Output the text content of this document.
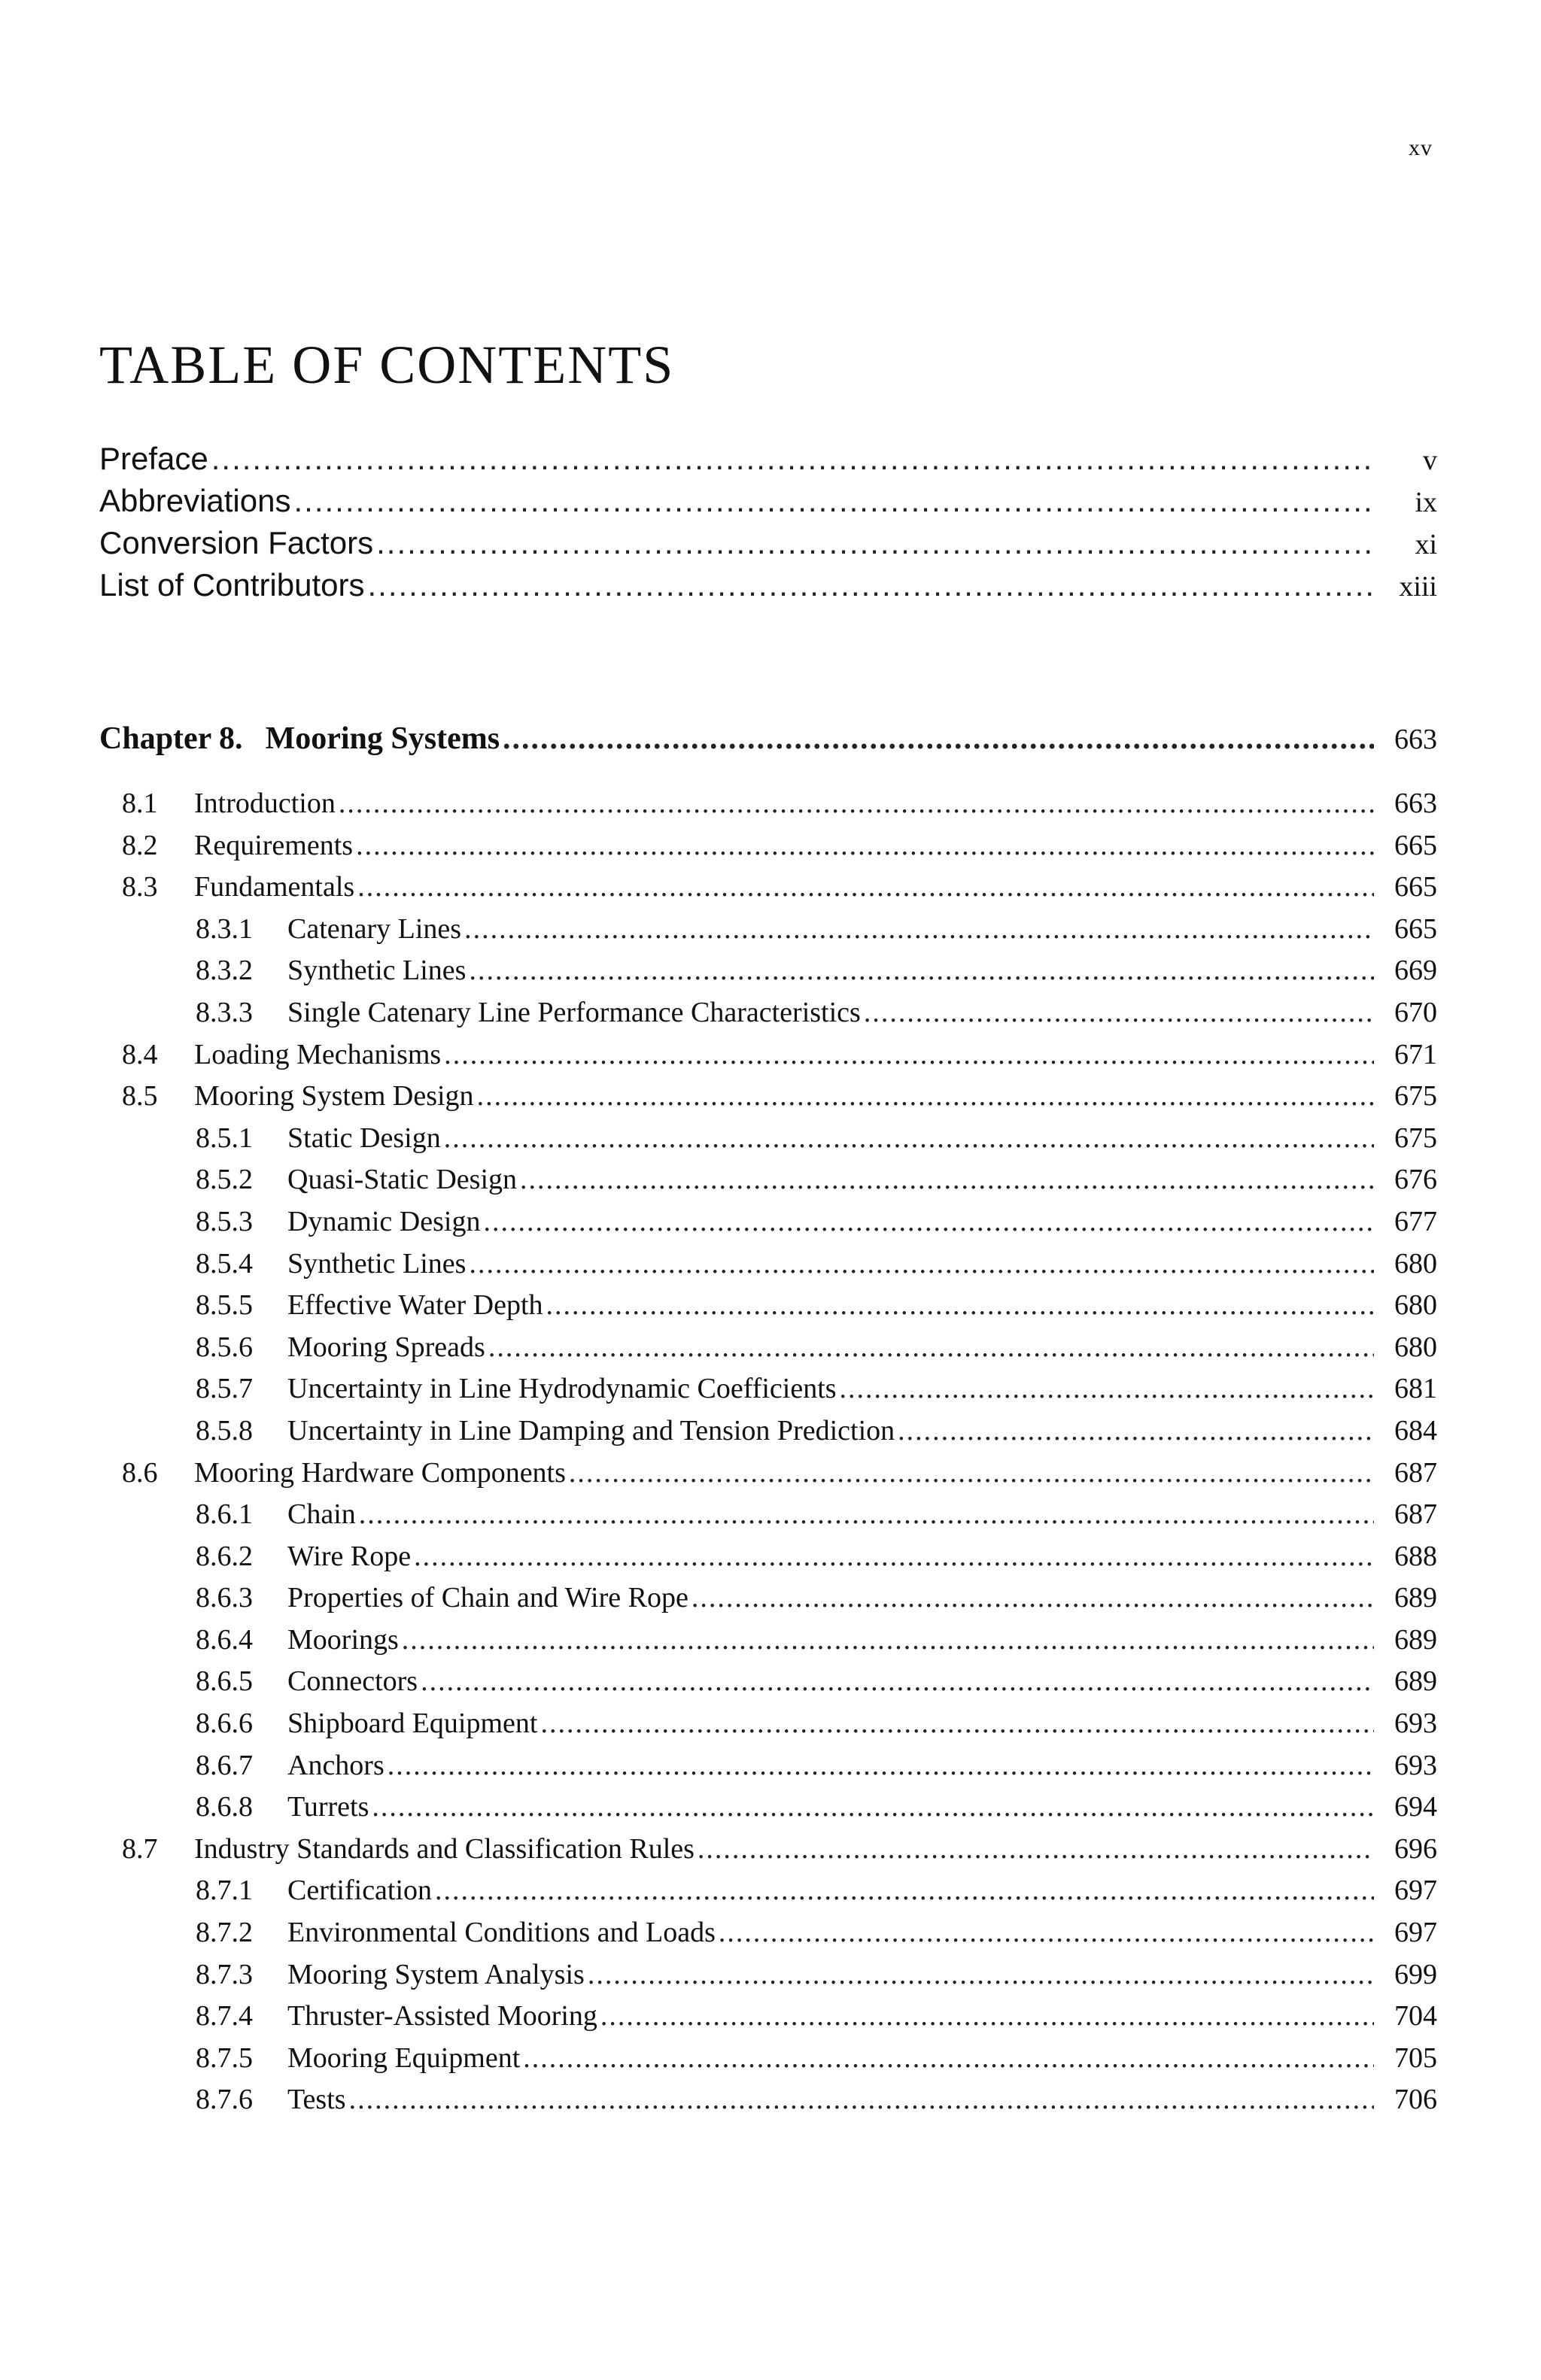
xv
TABLE OF CONTENTS
Preface .....	v
Abbreviations .....	ix
Conversion Factors .....	xi
List of Contributors .....	xiii
Chapter 8. Mooring Systems .....	663
8.1	Introduction .....	663
8.2	Requirements .....	665
8.3	Fundamentals .....	665
8.3.1	Catenary Lines .....	665
8.3.2	Synthetic Lines .....	669
8.3.3	Single Catenary Line Performance Characteristics .....	670
8.4	Loading Mechanisms .....	671
8.5	Mooring System Design .....	675
8.5.1	Static Design .....	675
8.5.2	Quasi-Static Design .....	676
8.5.3	Dynamic Design .....	677
8.5.4	Synthetic Lines .....	680
8.5.5	Effective Water Depth .....	680
8.5.6	Mooring Spreads .....	680
8.5.7	Uncertainty in Line Hydrodynamic Coefficients .....	681
8.5.8	Uncertainty in Line Damping and Tension Prediction .....	684
8.6	Mooring Hardware Components .....	687
8.6.1	Chain .....	687
8.6.2	Wire Rope .....	688
8.6.3	Properties of Chain and Wire Rope .....	689
8.6.4	Moorings .....	689
8.6.5	Connectors .....	689
8.6.6	Shipboard Equipment .....	693
8.6.7	Anchors .....	693
8.6.8	Turrets .....	694
8.7	Industry Standards and Classification Rules .....	696
8.7.1	Certification .....	697
8.7.2	Environmental Conditions and Loads .....	697
8.7.3	Mooring System Analysis .....	699
8.7.4	Thruster-Assisted Mooring .....	704
8.7.5	Mooring Equipment .....	705
8.7.6	Tests .....	706
